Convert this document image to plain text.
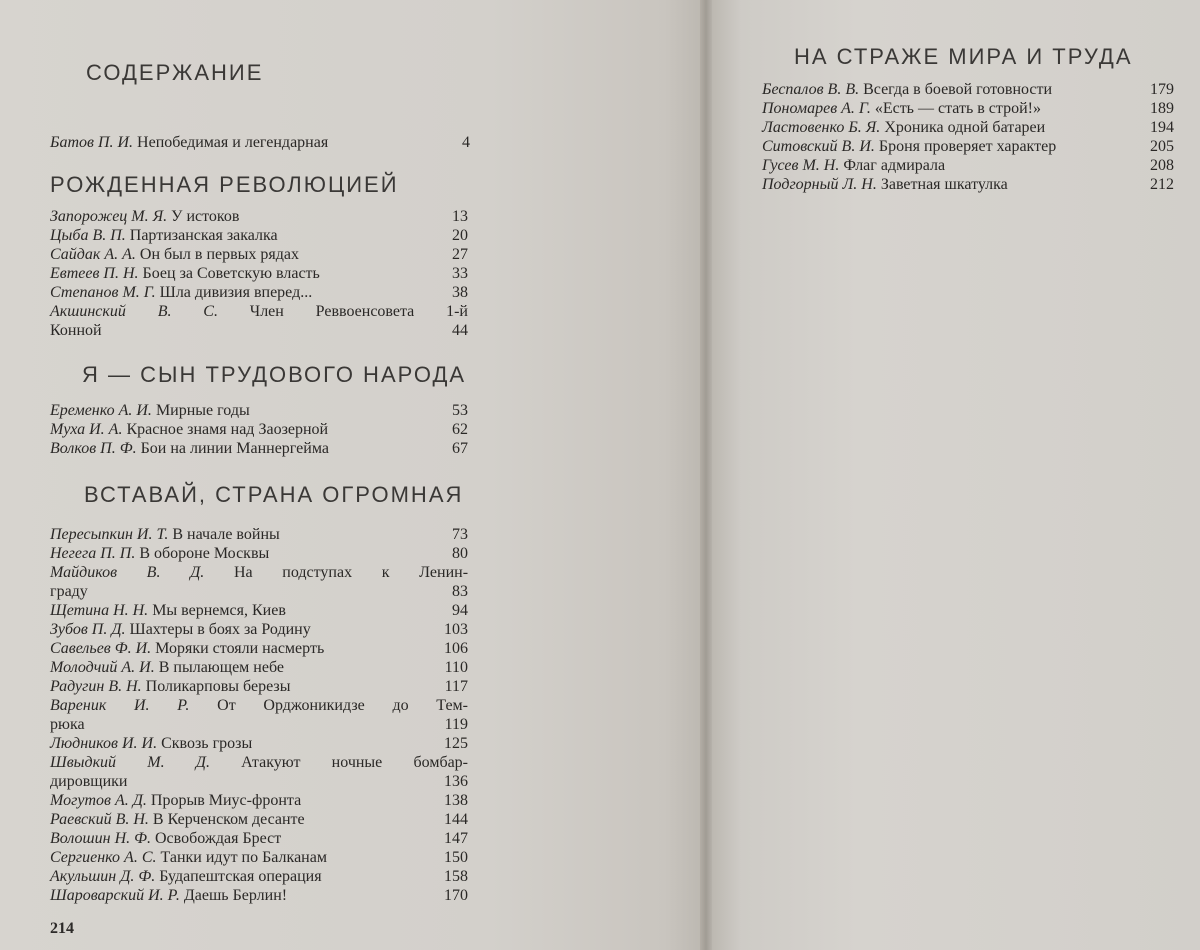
СОДЕРЖАНИЕ
Батов П. И. Непобедимая и легендарная	4
РОЖДЕННАЯ РЕВОЛЮЦИЕЙ
Запорожец М. Я. У истоков	13
Цыба В. П. Партизанская закалка	20
Сайдак А. А. Он был в первых рядах	27
Евтеев П. Н. Боец за Советскую власть	33
Степанов М. Г. Шла дивизия вперед...	38
Акшинский В. С. Член Реввоенсовета 1-й
Конной	44
Я — СЫН ТРУДОВОГО НАРОДА
Еременко А. И. Мирные годы	53
Муха И. А. Красное знамя над Заозерной	62
Волков П. Ф. Бои на линии Маннергейма	67
ВСТАВАЙ, СТРАНА ОГРОМНАЯ
Пересыпкин И. Т. В начале войны	73
Негега П. П. В обороне Москвы	80
Майдиков В. Д. На подступах к Ленин-
граду	83
Щетина Н. Н. Мы вернемся, Киев	94
Зубов П. Д. Шахтеры в боях за Родину	103
Савельев Ф. И. Моряки стояли насмерть	106
Молодчий А. И. В пылающем небе	110
Радугин В. Н. Поликарповы березы	117
Вареник И. Р. От Орджоникидзе до Тем-
рюка	119
Людников И. И. Сквозь грозы	125
Швыдкий М. Д. Атакуют ночные бомбар-
дировщики	136
Могутов А. Д. Прорыв Миус-фронта	138
Раевский В. Н. В Керченском десанте	144
Волошин Н. Ф. Освобождая Брест	147
Сергиенко А. С. Танки идут по Балканам	150
Акульшин Д. Ф. Будапештская операция	158
Шароварский И. Р. Даешь Берлин!	170
214
НА СТРАЖЕ МИРА И ТРУДА
Беспалов В. В. Всегда в боевой готовности	179
Пономарев А. Г. «Есть — стать в строй!»	189
Ластовенко Б. Я. Хроника одной батареи	194
Ситовский В. И. Броня проверяет характер	205
Гусев М. Н. Флаг адмирала	208
Подгорный Л. Н. Заветная шкатулка	212
